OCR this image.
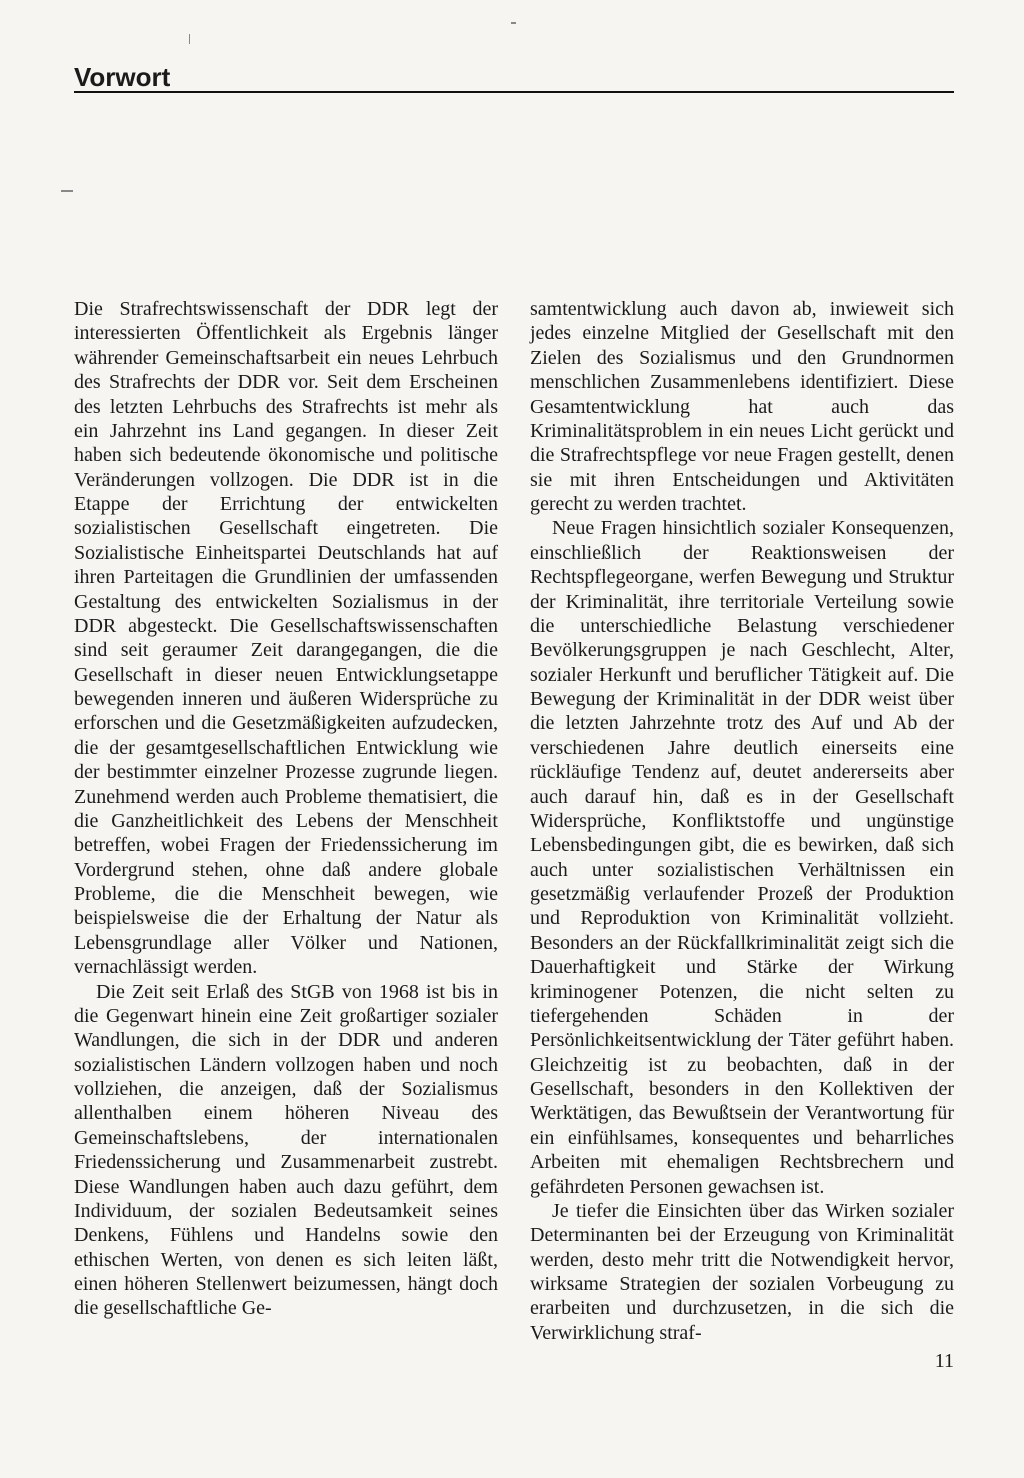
Vorwort

Die Strafrechtswissenschaft der DDR legt der interessierten Öffentlichkeit als Ergebnis länger währender Gemeinschaftsarbeit ein neues Lehrbuch des Strafrechts der DDR vor. Seit dem Erscheinen des letzten Lehrbuchs des Strafrechts ist mehr als ein Jahrzehnt ins Land gegangen. In dieser Zeit haben sich bedeutende ökonomische und politische Veränderungen vollzogen. Die DDR ist in die Etappe der Errichtung der entwickelten sozialistischen Gesellschaft eingetreten. Die Sozialistische Einheitspartei Deutschlands hat auf ihren Parteitagen die Grundlinien der umfassenden Gestaltung des entwickelten Sozialismus in der DDR abgesteckt. Die Gesellschaftswissenschaften sind seit geraumer Zeit darangegangen, die die Gesellschaft in dieser neuen Entwicklungsetappe bewegenden inneren und äußeren Widersprüche zu erforschen und die Gesetzmäßigkeiten aufzudecken, die der gesamtgesellschaftlichen Entwicklung wie der bestimmter einzelner Prozesse zugrunde liegen. Zunehmend werden auch Probleme thematisiert, die die Ganzheitlichkeit des Lebens der Menschheit betreffen, wobei Fragen der Friedenssicherung im Vordergrund stehen, ohne daß andere globale Probleme, die die Menschheit bewegen, wie beispielsweise die der Erhaltung der Natur als Lebensgrundlage aller Völker und Nationen, vernachlässigt werden.

Die Zeit seit Erlaß des StGB von 1968 ist bis in die Gegenwart hinein eine Zeit großartiger sozialer Wandlungen, die sich in der DDR und anderen sozialistischen Ländern vollzogen haben und noch vollziehen, die anzeigen, daß der Sozialismus allenthalben einem höheren Niveau des Gemeinschaftslebens, der internationalen Friedenssicherung und Zusammenarbeit zustrebt. Diese Wandlungen haben auch dazu geführt, dem Individuum, der sozialen Bedeutsamkeit seines Denkens, Fühlens und Handelns sowie den ethischen Werten, von denen es sich leiten läßt, einen höheren Stellenwert beizumessen, hängt doch die gesellschaftliche Ge-

samtentwicklung auch davon ab, inwieweit sich jedes einzelne Mitglied der Gesellschaft mit den Zielen des Sozialismus und den Grundnormen menschlichen Zusammenlebens identifiziert. Diese Gesamtentwicklung hat auch das Kriminalitätsproblem in ein neues Licht gerückt und die Strafrechtspflege vor neue Fragen gestellt, denen sie mit ihren Entscheidungen und Aktivitäten gerecht zu werden trachtet.

Neue Fragen hinsichtlich sozialer Konsequenzen, einschließlich der Reaktionsweisen der Rechtspflegeorgane, werfen Bewegung und Struktur der Kriminalität, ihre territoriale Verteilung sowie die unterschiedliche Belastung verschiedener Bevölkerungsgruppen je nach Geschlecht, Alter, sozialer Herkunft und beruflicher Tätigkeit auf. Die Bewegung der Kriminalität in der DDR weist über die letzten Jahrzehnte trotz des Auf und Ab der verschiedenen Jahre deutlich einerseits eine rückläufige Tendenz auf, deutet andererseits aber auch darauf hin, daß es in der Gesellschaft Widersprüche, Konfliktstoffe und ungünstige Lebensbedingungen gibt, die es bewirken, daß sich auch unter sozialistischen Verhältnissen ein gesetzmäßig verlaufender Prozeß der Produktion und Reproduktion von Kriminalität vollzieht. Besonders an der Rückfallkriminalität zeigt sich die Dauerhaftigkeit und Stärke der Wirkung kriminogener Potenzen, die nicht selten zu tiefergehenden Schäden in der Persönlichkeitsentwicklung der Täter geführt haben. Gleichzeitig ist zu beobachten, daß in der Gesellschaft, besonders in den Kollektiven der Werktätigen, das Bewußtsein der Verantwortung für ein einfühlsames, konsequentes und beharrliches Arbeiten mit ehemaligen Rechtsbrechern und gefährdeten Personen gewachsen ist.

Je tiefer die Einsichten über das Wirken sozialer Determinanten bei der Erzeugung von Kriminalität werden, desto mehr tritt die Notwendigkeit hervor, wirksame Strategien der sozialen Vorbeugung zu erarbeiten und durchzusetzen, in die sich die Verwirklichung straf-

11
